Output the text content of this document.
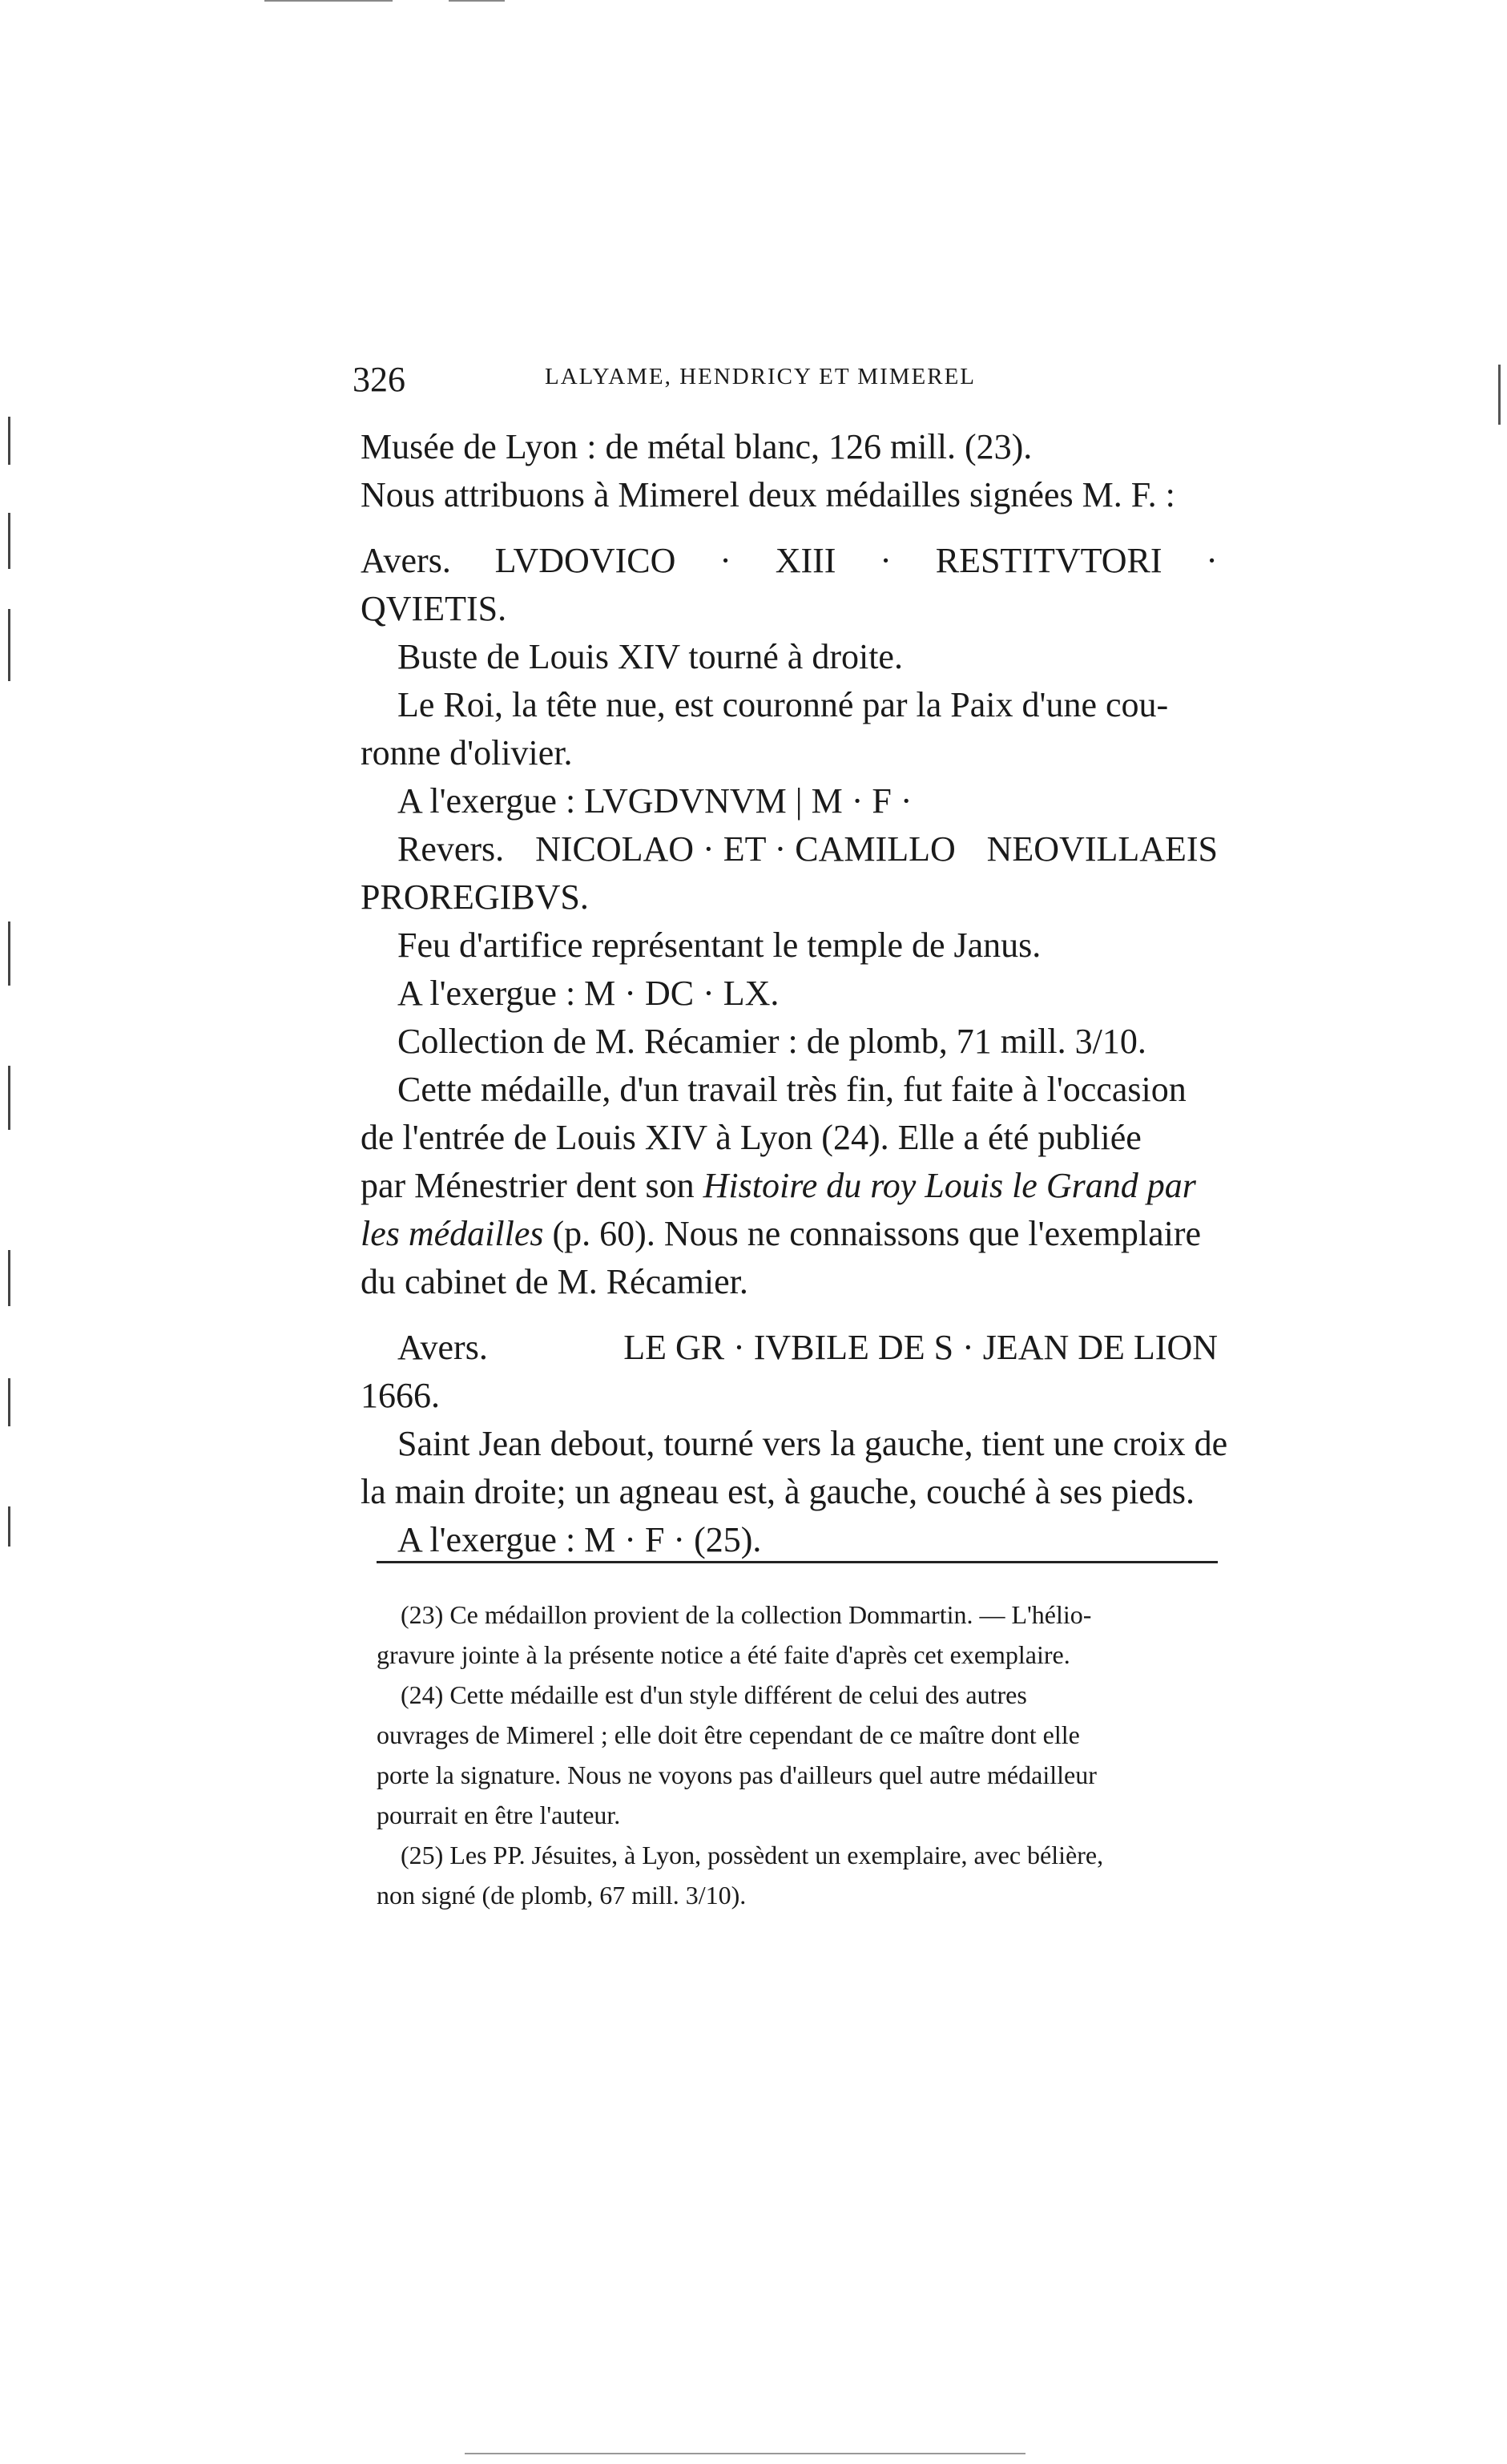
326	LALYAME, HENDRICY ET MIMEREL
Musée de Lyon : de métal blanc, 126 mill. (23).
Nous attribuons à Mimerel deux médailles signées M. F. :
Avers. LVDOVICO · XIII · RESTITVTORI ·
QVIETIS.
Buste de Louis XIV tourné à droite.
Le Roi, la tête nue, est couronné par la Paix d'une cou-
ronne d'olivier.
A l'exergue : LVGDVNVM | M · F ·
Revers. NICOLAO · ET · CAMILLO NEOVILLAEIS
PROREGIBVS.
Feu d'artifice représentant le temple de Janus.
A l'exergue : M · DC · LX.
Collection de M. Récamier : de plomb, 71 mill. 3/10.
Cette médaille, d'un travail très fin, fut faite à l'occasion
de l'entrée de Louis XIV à Lyon (24). Elle a été publiée
par Ménestrier dent son Histoire du roy Louis le Grand par
les médailles (p. 60). Nous ne connaissons que l'exemplaire
du cabinet de M. Récamier.
Avers.	LE GR · IVBILE DE S · JEAN DE LION
1666.
Saint Jean debout, tourné vers la gauche, tient une croix de
la main droite; un agneau est, à gauche, couché à ses pieds.
A l'exergue : M · F · (25).
(23) Ce médaillon provient de la collection Dommartin. — L'hélio-
gravure jointe à la présente notice a été faite d'après cet exemplaire.
(24) Cette médaille est d'un style différent de celui des autres
ouvrages de Mimerel ; elle doit être cependant de ce maître dont elle
porte la signature. Nous ne voyons pas d'ailleurs quel autre médailleur
pourrait en être l'auteur.
(25) Les PP. Jésuites, à Lyon, possèdent un exemplaire, avec bélière,
non signé (de plomb, 67 mill. 3/10).
